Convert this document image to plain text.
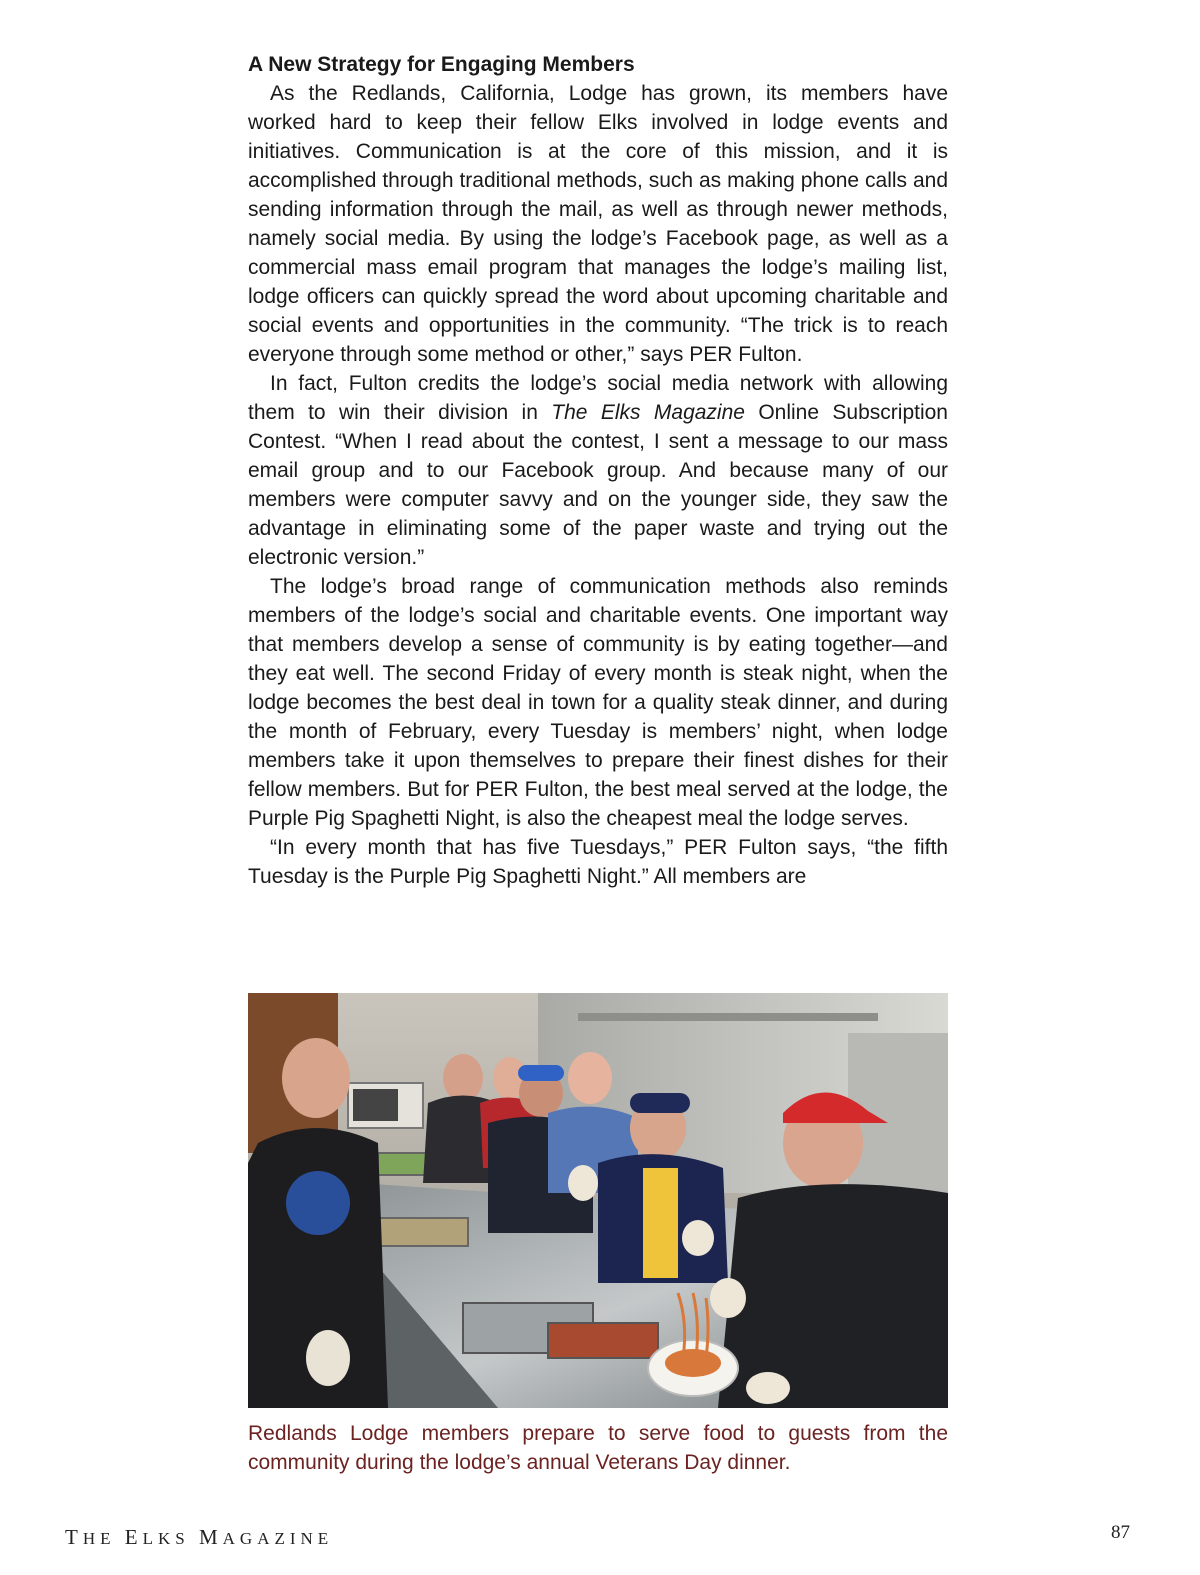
A New Strategy for Engaging Members

As the Redlands, California, Lodge has grown, its members have worked hard to keep their fellow Elks involved in lodge events and initiatives. Communication is at the core of this mission, and it is accomplished through traditional methods, such as making phone calls and sending information through the mail, as well as through newer methods, namely social media. By using the lodge’s Facebook page, as well as a commercial mass email program that manages the lodge’s mailing list, lodge officers can quickly spread the word about upcoming charitable and social events and opportunities in the community. “The trick is to reach everyone through some method or other,” says PER Fulton.

In fact, Fulton credits the lodge’s social media network with allowing them to win their division in The Elks Magazine Online Subscription Contest. “When I read about the contest, I sent a message to our mass email group and to our Facebook group. And because many of our members were computer savvy and on the younger side, they saw the advantage in eliminating some of the paper waste and trying out the electronic version.”

The lodge’s broad range of communication methods also reminds members of the lodge’s social and charitable events. One important way that members develop a sense of community is by eating together—and they eat well. The second Friday of every month is steak night, when the lodge becomes the best deal in town for a quality steak dinner, and during the month of February, every Tuesday is members’ night, when lodge members take it upon themselves to prepare their finest dishes for their fellow members. But for PER Fulton, the best meal served at the lodge, the Purple Pig Spaghetti Night, is also the cheapest meal the lodge serves.

“In every month that has five Tuesdays,” PER Fulton says, “the fifth Tuesday is the Purple Pig Spaghetti Night.” All members are

Redlands Lodge members prepare to serve food to guests from the community during the lodge’s annual Veterans Day dinner.

THE ELKS MAGAZINE	87
